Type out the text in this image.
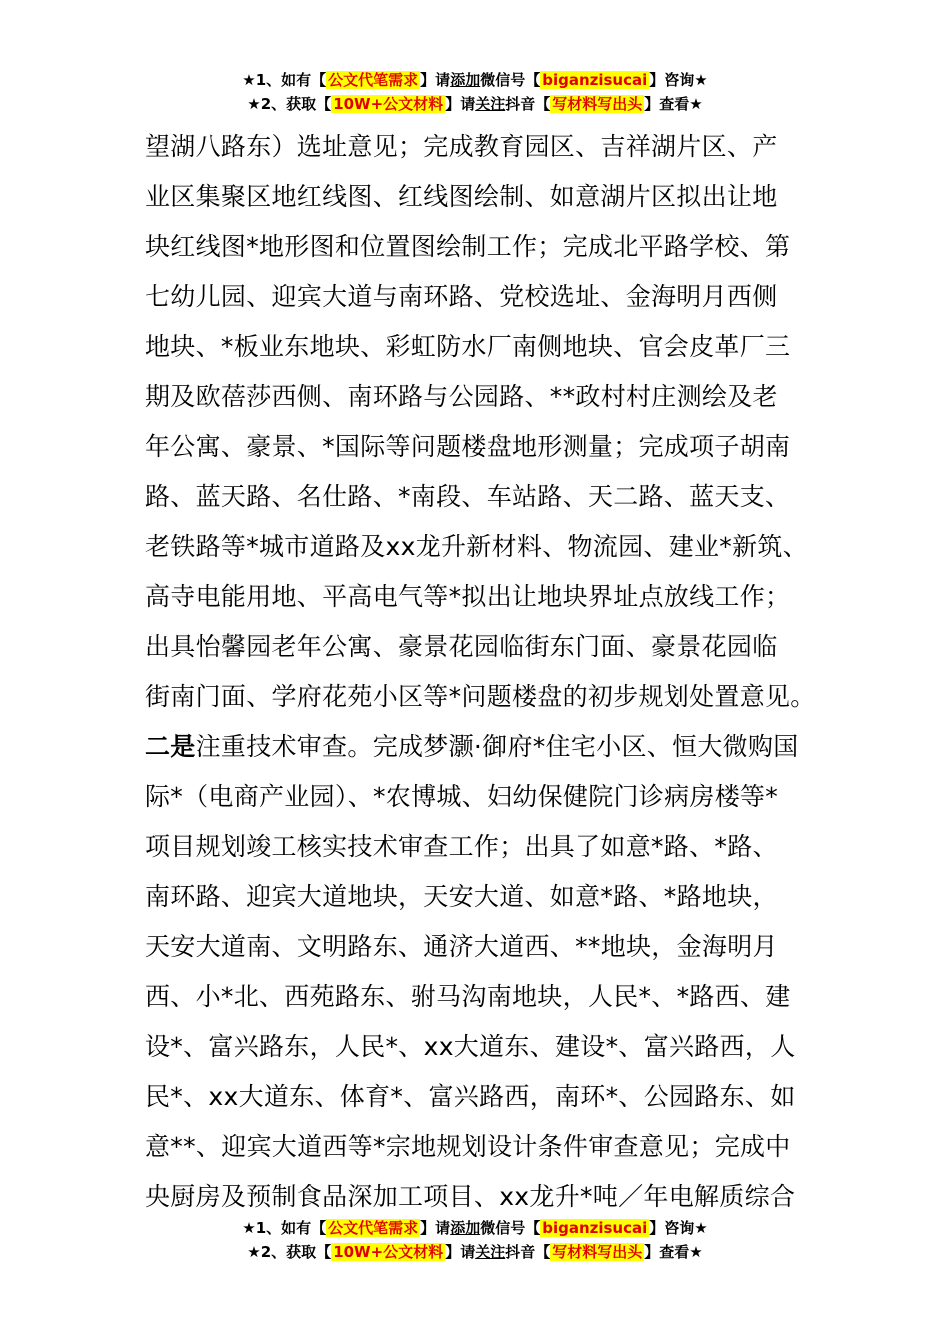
★1、如有【 公文代笔需求 】请添加微信号【 biganzisucai 】咨询★
★2、获取【 10W+公文材料 】请关注抖音【 写材料写出头 】查看★
望湖八路东）选址意见；完成教育园区、吉祥湖片区、产
业区集聚区地红线图、红线图绘制、如意湖片区拟出让地
块红线图*地形图和位置图绘制工作；完成北平路学校、第
七幼儿园、迎宾大道与南环路、党校选址、金海明月西侧
地块、*板业东地块、彩虹防水厂南侧地块、官会皮革厂三
期及欧蓓莎西侧、南环路与公园路、**政村村庄测绘及老
年公寓、豪景、*国际等问题楼盘地形测量；完成项子胡南
路、蓝天路、名仕路、*南段、车站路、天二路、蓝天支、
老铁路等*城市道路及xx龙升新材料、物流园、建业*新筑、
高寺电能用地、平高电气等*拟出让地块界址点放线工作；
出具怡馨园老年公寓、豪景花园临街东门面、豪景花园临
街南门面、学府花苑小区等*问题楼盘的初步规划处置意见。
二是注重技术审查。完成梦灏·御府*住宅小区、恒大微购国
际*（电商产业园）、*农博城、妇幼保健院门诊病房楼等*
项目规划竣工核实技术审查工作；出具了如意*路、*路、
南环路、迎宾大道地块，天安大道、如意*路、*路地块，
天安大道南、文明路东、通济大道西、**地块，金海明月
西、小*北、西苑路东、驸马沟南地块，人民*、*路西、建
设*、富兴路东，人民*、xx大道东、建设*、富兴路西，人
民*、xx大道东、体育*、富兴路西，南环*、公园路东、如
意**、迎宾大道西等*宗地规划设计条件审查意见；完成中
央厨房及预制食品深加工项目、xx龙升*吨／年电解质综合
★1、如有【 公文代笔需求 】请添加微信号【 biganzisucai 】咨询★
★2、获取【 10W+公文材料 】请关注抖音【 写材料写出头 】查看★
